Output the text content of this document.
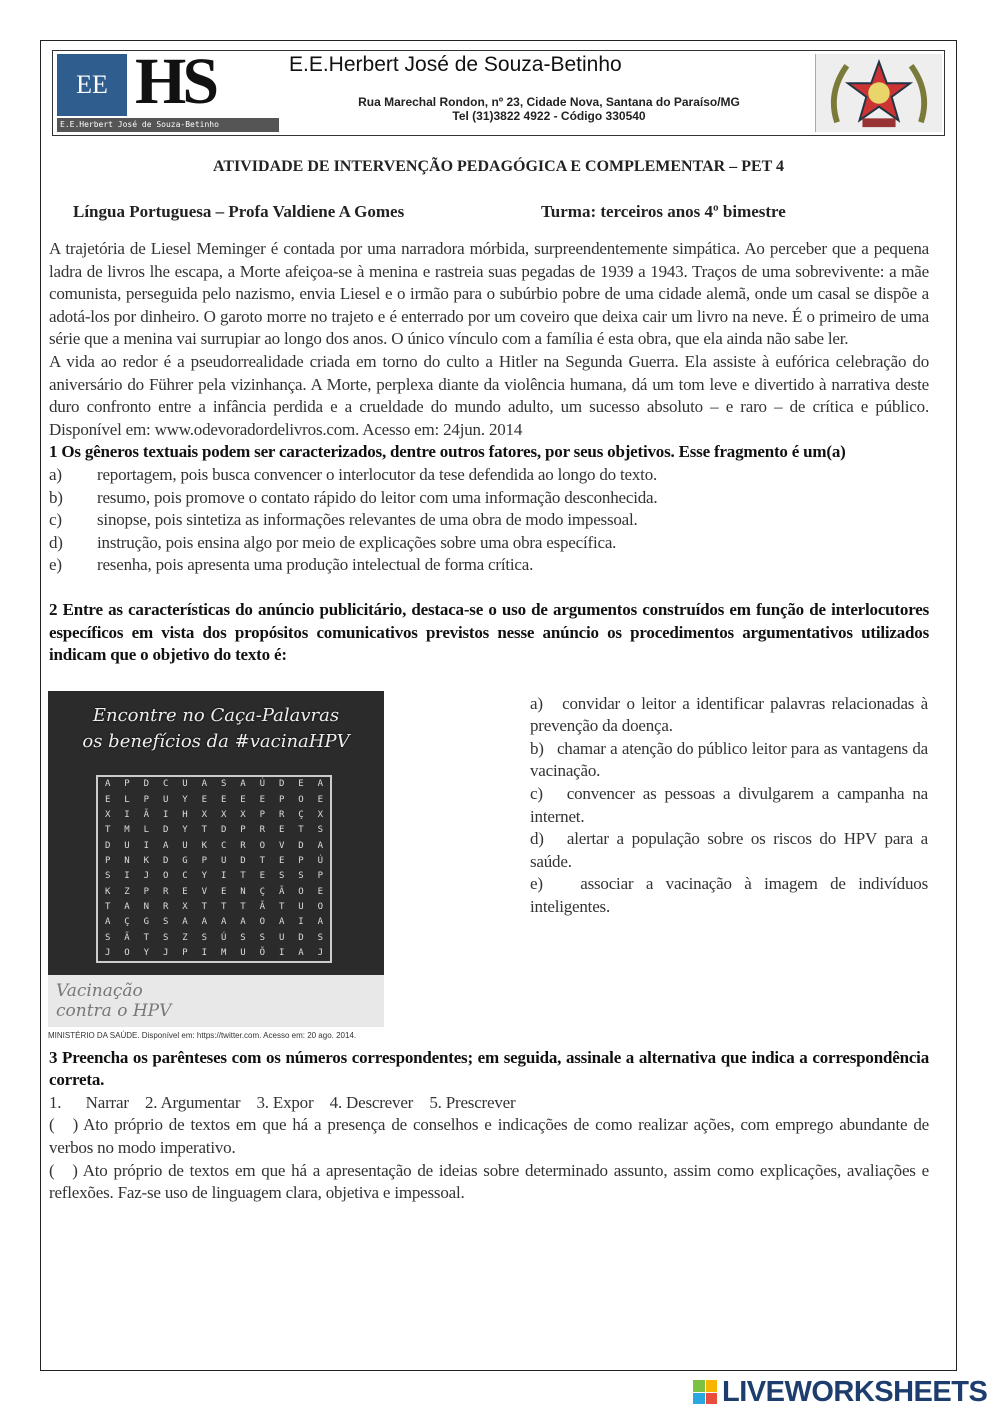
EE HS
E.E.Herbert José de Souza-Betinho
E.E.Herbert José de Souza-Betinho
Rua Marechal Rondon, nº 23, Cidade Nova, Santana do Paraíso/MG
Tel (31)3822 4922 - Código 330540
ATIVIDADE DE INTERVENÇÃO PEDAGÓGICA E COMPLEMENTAR – PET 4
Língua Portuguesa – Profa Valdiene A Gomes	Turma: terceiros anos 4º bimestre

A trajetória de Liesel Meminger é contada por uma narradora mórbida, surpreendentemente simpática. Ao perceber que a pequena ladra de livros lhe escapa, a Morte afeiçoa-se à menina e rastreia suas pegadas de 1939 a 1943. Traços de uma sobrevivente: a mãe comunista, perseguida pelo nazismo, envia Liesel e o irmão para o subúrbio pobre de uma cidade alemã, onde um casal se dispõe a adotá-los por dinheiro. O garoto morre no trajeto e é enterrado por um coveiro que deixa cair um livro na neve. É o primeiro de uma série que a menina vai surrupiar ao longo dos anos. O único vínculo com a família é esta obra, que ela ainda não sabe ler.

A vida ao redor é a pseudorrealidade criada em torno do culto a Hitler na Segunda Guerra. Ela assiste à eufórica celebração do aniversário do Führer pela vizinhança. A Morte, perplexa diante da violência humana, dá um tom leve e divertido à narrativa deste duro confronto entre a infância perdida e a crueldade do mundo adulto, um sucesso absoluto – e raro – de crítica e público. Disponível em: www.odevoradordelivros.com. Acesso em: 24jun. 2014

1 Os gêneros textuais podem ser caracterizados, dentre outros fatores, por seus objetivos. Esse fragmento é um(a)

a)	reportagem, pois busca convencer o interlocutor da tese defendida ao longo do texto.
b)	resumo, pois promove o contato rápido do leitor com uma informação desconhecida.
c)	sinopse, pois sintetiza as informações relevantes de uma obra de modo impessoal.
d)	instrução, pois ensina algo por meio de explicações sobre uma obra específica.
e)	resenha, pois apresenta uma produção intelectual de forma crítica.

2 Entre as características do anúncio publicitário, destaca-se o uso de argumentos construídos em função de interlocutores específicos em vista dos propósitos comunicativos previstos nesse anúncio os procedimentos argumentativos utilizados indicam que o objetivo do texto é:

Encontre no Caça-Palavras
os benefícios da #vacinaHPV
A	P	D	C	U	A	S	A	Ú	D	E	A
E	L	P	U	Y	E	E	E	E	P	O	E
X	I	Ã	I	H	X	X	X	P	R	Ç	X
T	M	L	D	Y	T	D	P	R	E	T	S
D	U	I	A	U	K	C	R	O	V	D	A
P	N	K	D	G	P	U	D	T	E	P	Ú
S	I	J	O	C	Y	I	T	E	S	S	P
K	Z	P	R	E	V	E	N	Ç	Ã	O	E
T	A	N	R	X	T	T	T	Ã	T	U	O
A	Ç	G	S	A	A	A	A	O	A	I	A
S	Ã	T	S	Z	S	Ú	S	S	U	D	S
J	O	Y	J	P	I	M	U	Õ	I	A	J
Vacinação contra o HPV
MINISTÉRIO DA SAÚDE. Disponível em: https://twitter.com. Acesso em: 20 ago. 2014.

a) convidar o leitor a identificar palavras relacionadas à prevenção da doença.

b) chamar a atenção do público leitor para as vantagens da vacinação.

c) convencer as pessoas a divulgarem a campanha na internet.

d) alertar a população sobre os riscos do HPV para a saúde.

e) associar a vacinação à imagem de indivíduos inteligentes.

3 Preencha os parênteses com os números correspondentes; em seguida, assinale a alternativa que indica a correspondência correta.

1.      Narrar    2. Argumentar    3. Expor    4. Descrever    5. Prescrever

(   ) Ato próprio de textos em que há a presença de conselhos e indicações de como realizar ações, com emprego abundante de verbos no modo imperativo.

(   ) Ato próprio de textos em que há a apresentação de ideias sobre determinado assunto, assim como explicações, avaliações e reflexões. Faz-se uso de linguagem clara, objetiva e impessoal.

LIVEWORKSHEETS
